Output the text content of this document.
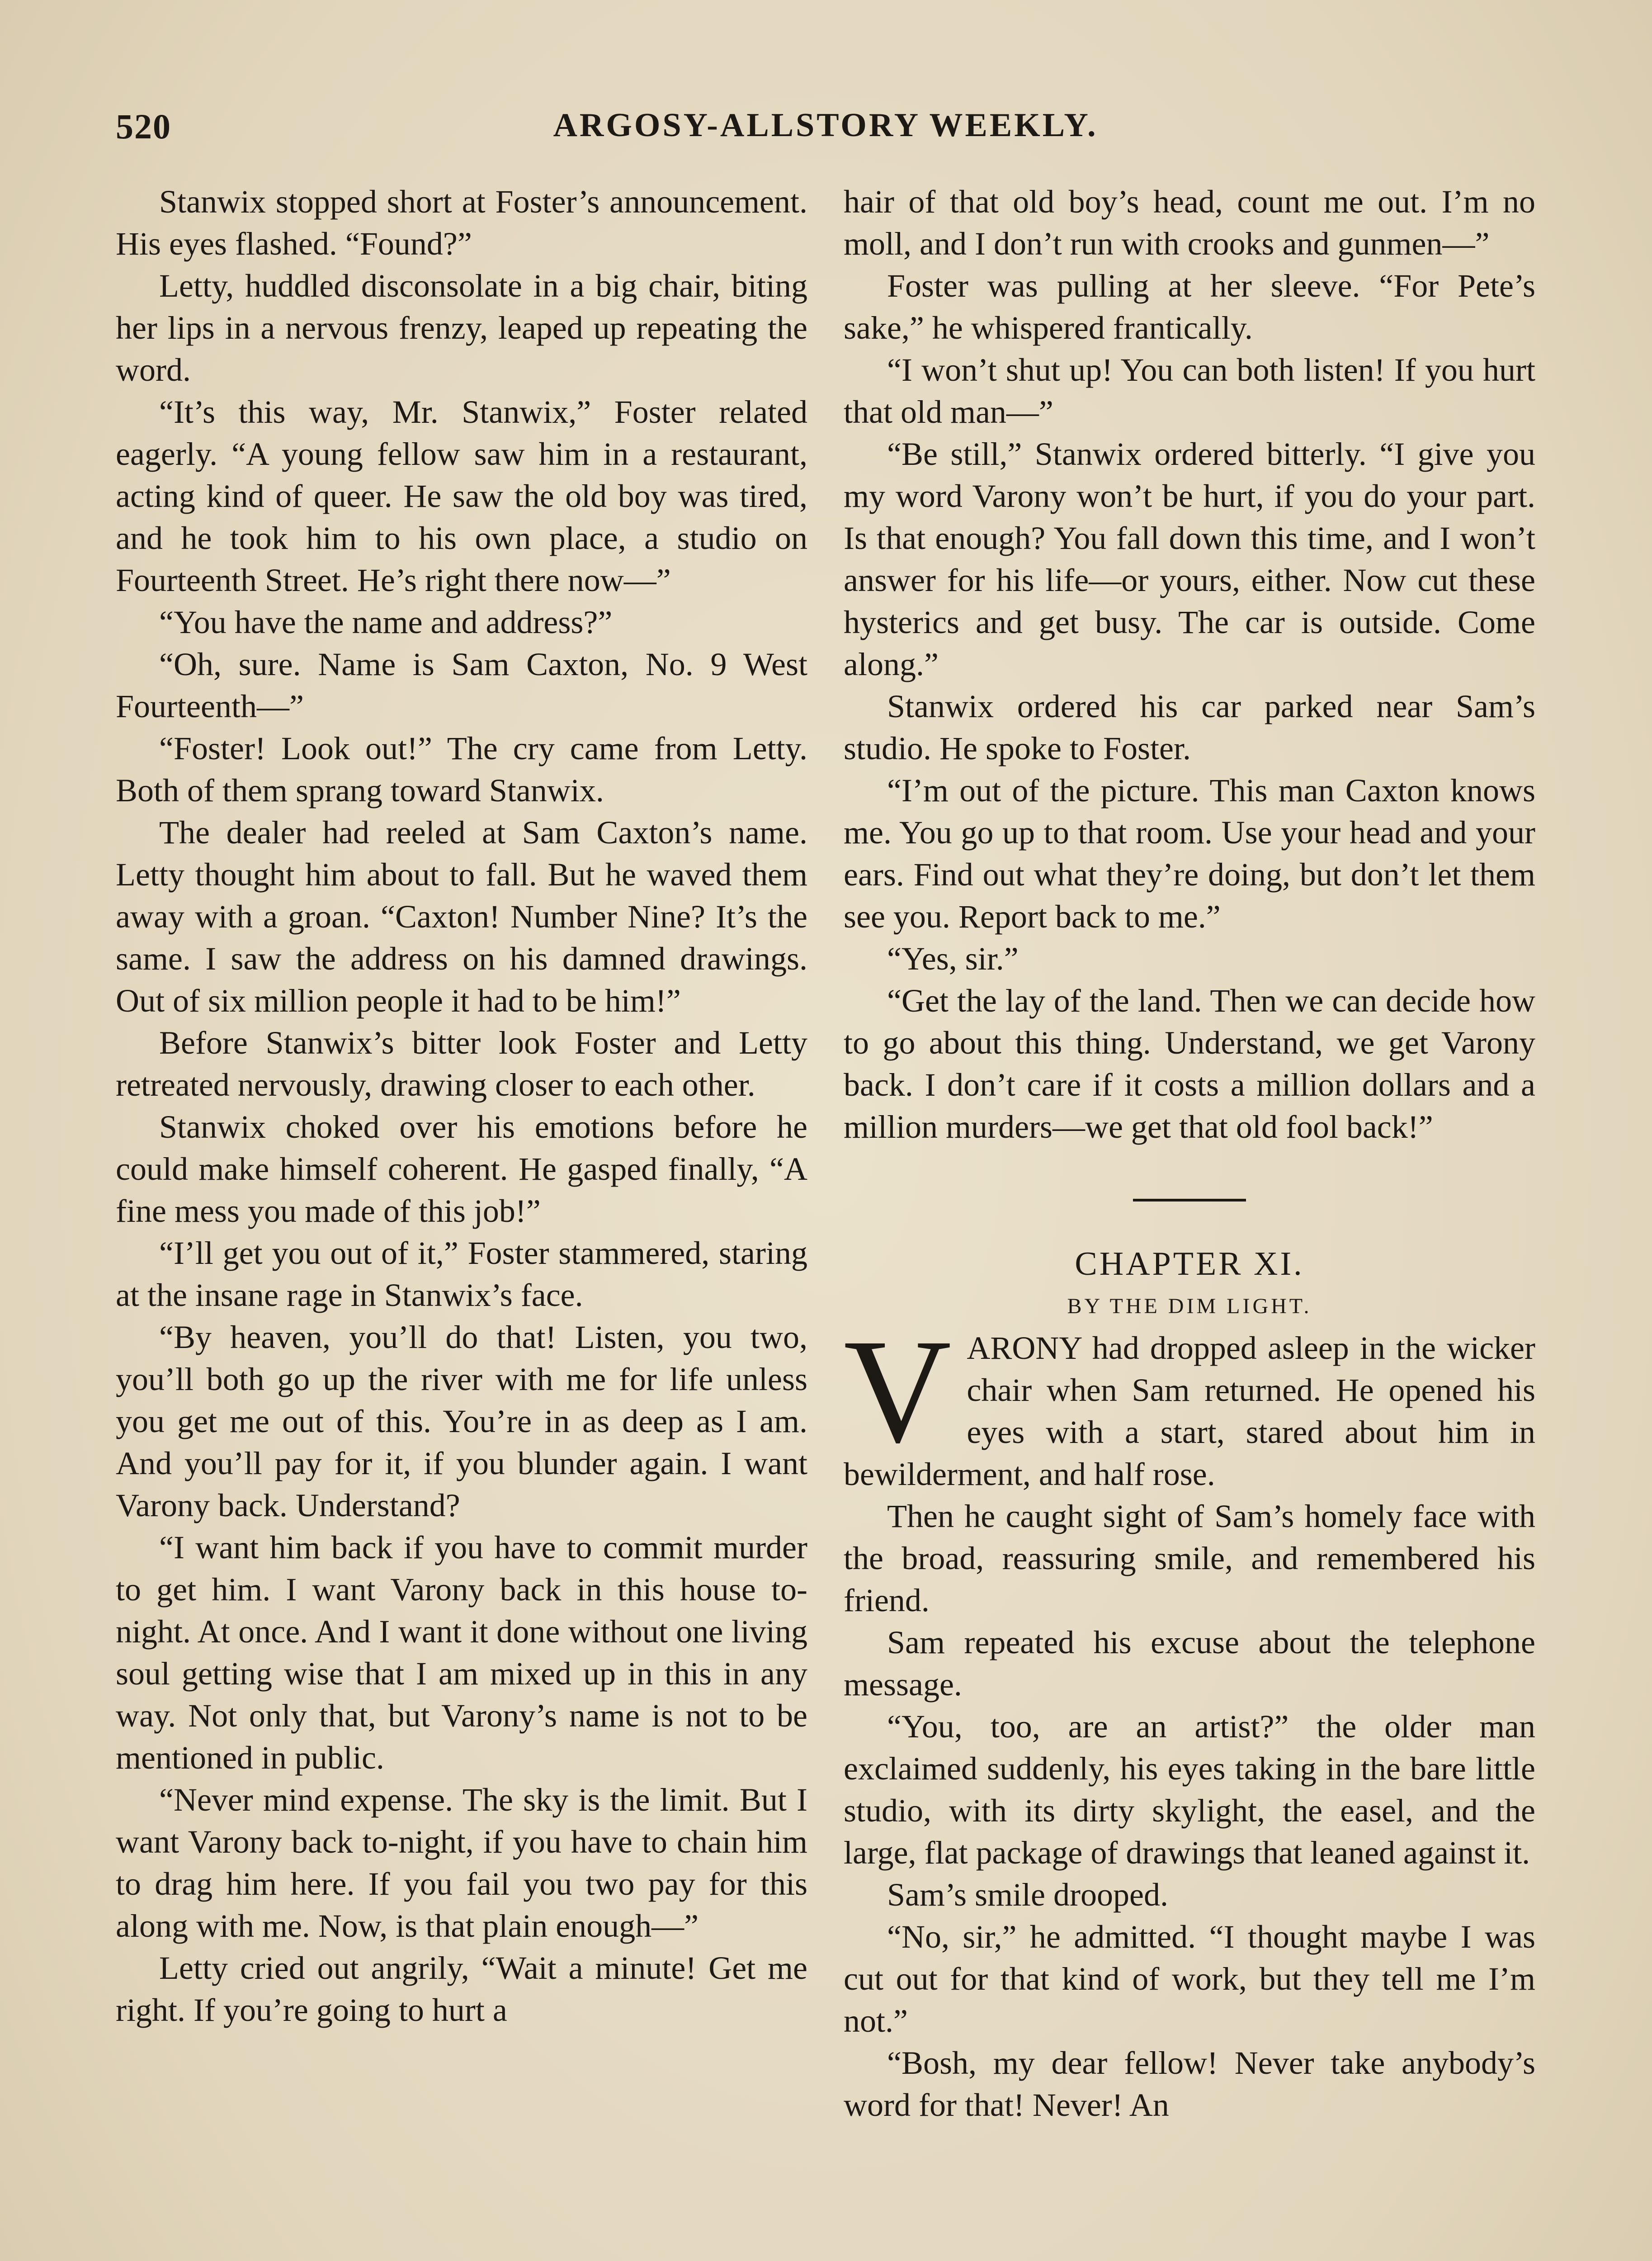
520	ARGOSY-ALLSTORY WEEKLY.

Stanwix stopped short at Foster’s announcement. His eyes flashed. “Found?”

Letty, huddled disconsolate in a big chair, biting her lips in a nervous frenzy, leaped up repeating the word.

“It’s this way, Mr. Stanwix,” Foster related eagerly. “A young fellow saw him in a restaurant, acting kind of queer. He saw the old boy was tired, and he took him to his own place, a studio on Fourteenth Street. He’s right there now—”

“You have the name and address?”

“Oh, sure. Name is Sam Caxton, No. 9 West Fourteenth—”

“Foster! Look out!” The cry came from Letty. Both of them sprang toward Stanwix.

The dealer had reeled at Sam Caxton’s name. Letty thought him about to fall. But he waved them away with a groan. “Caxton! Number Nine? It’s the same. I saw the address on his damned drawings. Out of six million people it had to be him!”

Before Stanwix’s bitter look Foster and Letty retreated nervously, drawing closer to each other.

Stanwix choked over his emotions before he could make himself coherent. He gasped finally, “A fine mess you made of this job!”

“I’ll get you out of it,” Foster stammered, staring at the insane rage in Stanwix’s face.

“By heaven, you’ll do that! Listen, you two, you’ll both go up the river with me for life unless you get me out of this. You’re in as deep as I am. And you’ll pay for it, if you blunder again. I want Varony back. Understand?

“I want him back if you have to commit murder to get him. I want Varony back in this house to-night. At once. And I want it done without one living soul getting wise that I am mixed up in this in any way. Not only that, but Varony’s name is not to be mentioned in public.

“Never mind expense. The sky is the limit. But I want Varony back to-night, if you have to chain him to drag him here. If you fail you two pay for this along with me. Now, is that plain enough—”

Letty cried out angrily, “Wait a minute! Get me right. If you’re going to hurt a

hair of that old boy’s head, count me out. I’m no moll, and I don’t run with crooks and gunmen—”

Foster was pulling at her sleeve. “For Pete’s sake,” he whispered frantically.

“I won’t shut up! You can both listen! If you hurt that old man—”

“Be still,” Stanwix ordered bitterly. “I give you my word Varony won’t be hurt, if you do your part. Is that enough? You fall down this time, and I won’t answer for his life—or yours, either. Now cut these hysterics and get busy. The car is outside. Come along.”

Stanwix ordered his car parked near Sam’s studio. He spoke to Foster.

“I’m out of the picture. This man Caxton knows me. You go up to that room. Use your head and your ears. Find out what they’re doing, but don’t let them see you. Report back to me.”

“Yes, sir.”

“Get the lay of the land. Then we can decide how to go about this thing. Understand, we get Varony back. I don’t care if it costs a million dollars and a million murders—we get that old fool back!”

CHAPTER XI.

BY THE DIM LIGHT.

VARONY had dropped asleep in the wicker chair when Sam returned. He opened his eyes with a start, stared about him in bewilderment, and half rose.

Then he caught sight of Sam’s homely face with the broad, reassuring smile, and remembered his friend.

Sam repeated his excuse about the telephone message.

“You, too, are an artist?” the older man exclaimed suddenly, his eyes taking in the bare little studio, with its dirty skylight, the easel, and the large, flat package of drawings that leaned against it.

Sam’s smile drooped.

“No, sir,” he admitted. “I thought maybe I was cut out for that kind of work, but they tell me I’m not.”

“Bosh, my dear fellow! Never take anybody’s word for that! Never! An
